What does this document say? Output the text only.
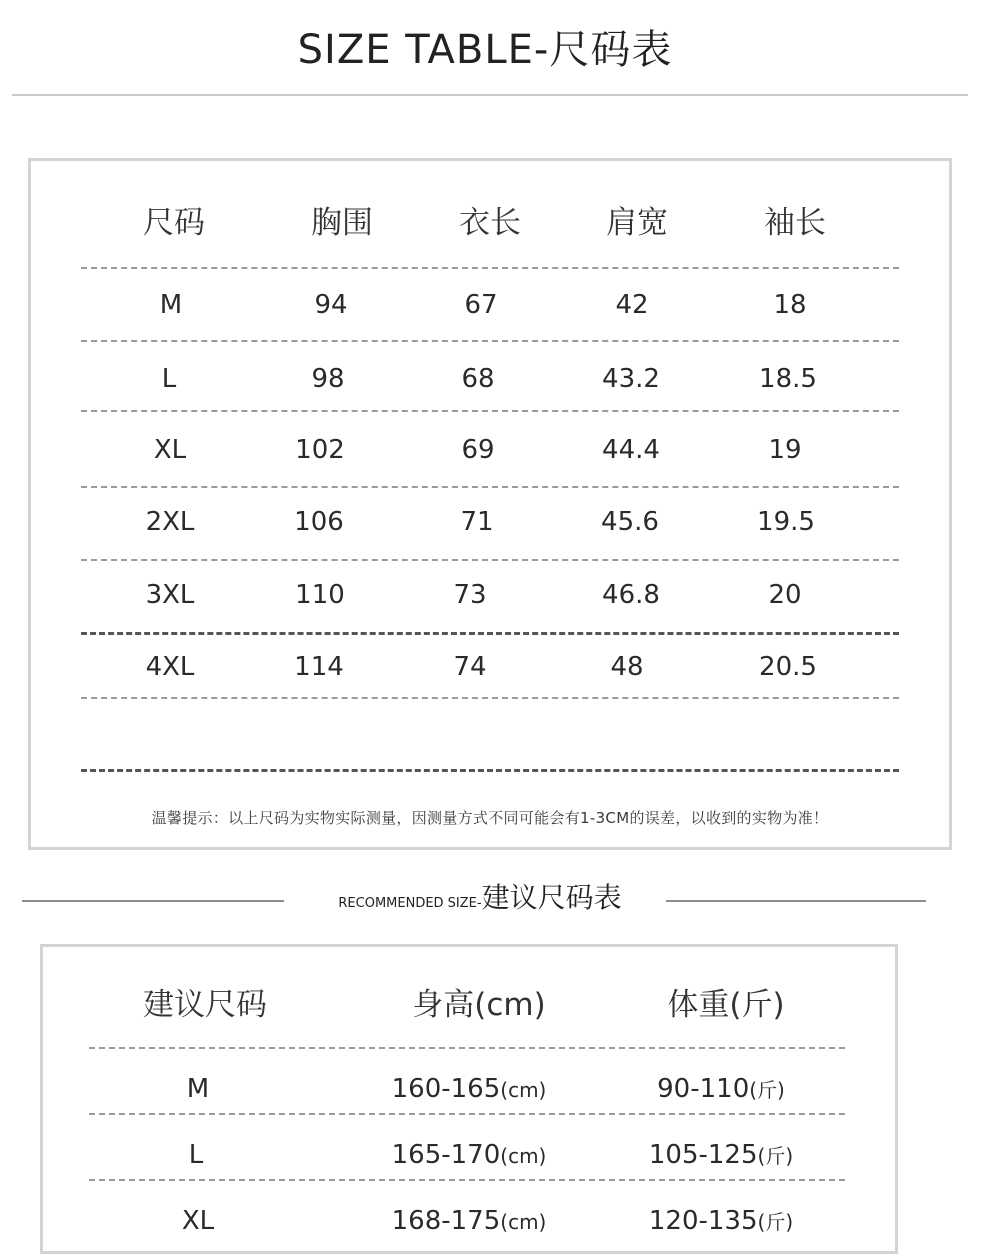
SIZE TABLE-尺码表
尺码	胸围	衣长	肩宽	袖长
M	94	67	42	18
L	98	68	43.2	18.5
XL	102	69	44.4	19
2XL	106	71	45.6	19.5
3XL	110	73	46.8	20
4XL	114	74	48	20.5
温馨提示：以上尺码为实物实际测量，因测量方式不同可能会有1-3CM的误差，以收到的实物为准！
RECOMMENDED SIZE-建议尺码表
建议尺码	身高(cm)	体重(斤)
M	160-165(cm)	90-110(斤)
L	165-170(cm)	105-125(斤)
XL	168-175(cm)	120-135(斤)
